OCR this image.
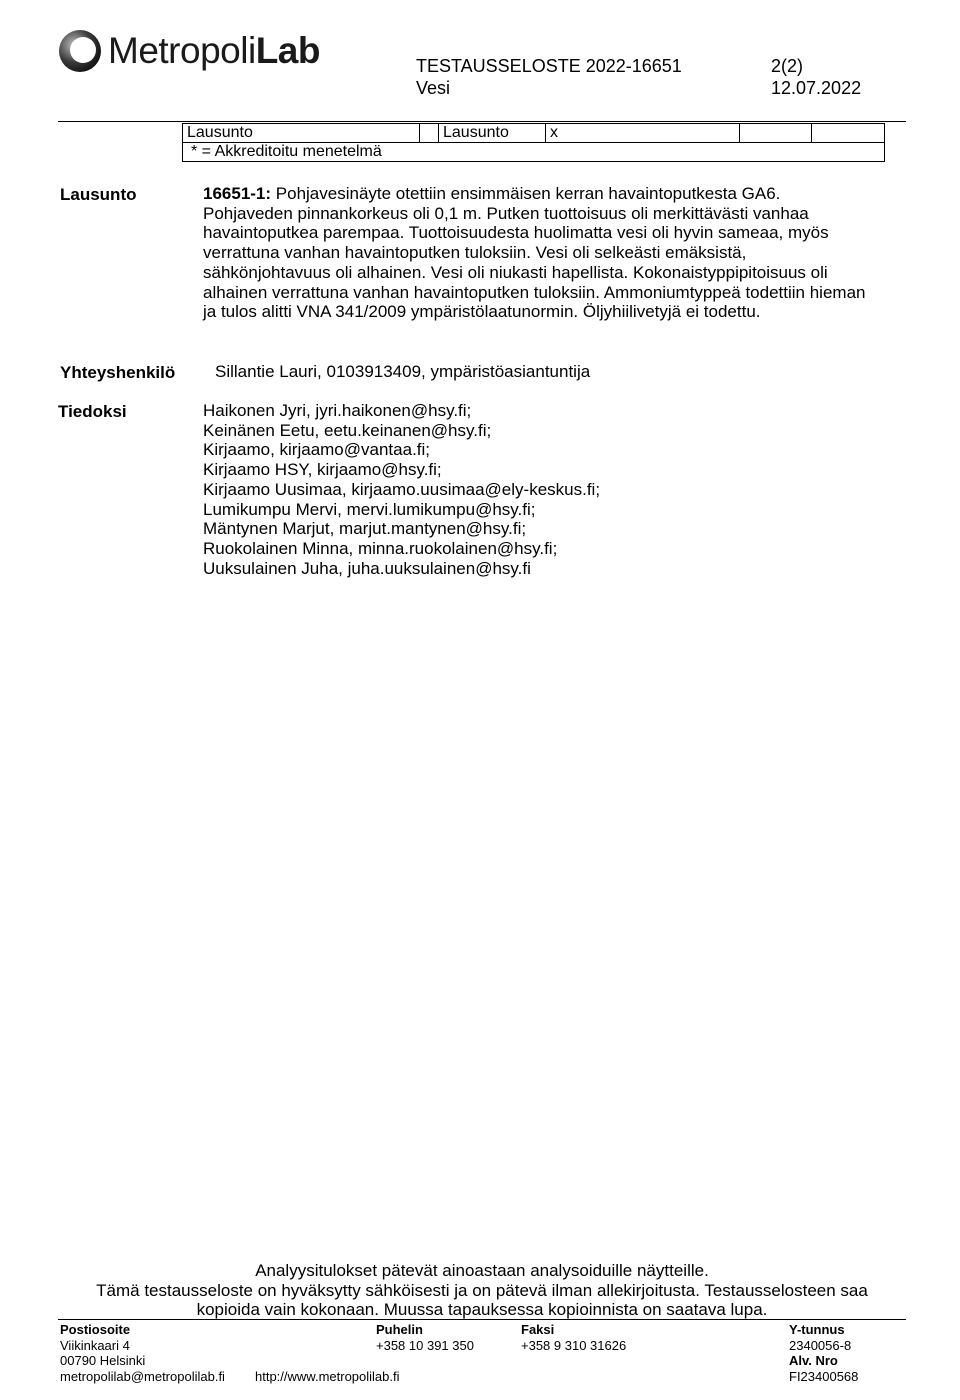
MetropoliLab	TESTAUSSELOSTE 2022-16651
Vesi
2(2)
12.07.2022
Lausunto		Lausunto	x		
* = Akkreditoitu menetelmä
Lausunto	16651-1: Pohjavesinäyte otettiin ensimmäisen kerran havaintoputkesta GA6.
Pohjaveden pinnankorkeus oli 0,1 m. Putken tuottoisuus oli merkittävästi vanhaa
havaintoputkea parempaa. Tuottoisuudesta huolimatta vesi oli hyvin sameaa, myös
verrattuna vanhan havaintoputken tuloksiin. Vesi oli selkeästi emäksistä,
sähkönjohtavuus oli alhainen. Vesi oli niukasti hapellista. Kokonaistyppipitoisuus oli
alhainen verrattuna vanhan havaintoputken tuloksiin. Ammoniumtyppeä todettiin hieman
ja tulos alitti VNA 341/2009 ympäristölaatunormin. Öljyhiilivetyjä ei todettu.
Yhteyshenkilö Sillantie Lauri, 0103913409, ympäristöasiantuntija
Tiedoksi	Haikonen Jyri, jyri.haikonen@hsy.fi;
Keinänen Eetu, eetu.keinanen@hsy.fi;
Kirjaamo, kirjaamo@vantaa.fi;
Kirjaamo HSY, kirjaamo@hsy.fi;
Kirjaamo Uusimaa, kirjaamo.uusimaa@ely-keskus.fi;
Lumikumpu Mervi, mervi.lumikumpu@hsy.fi;
Mäntynen Marjut, marjut.mantynen@hsy.fi;
Ruokolainen Minna, minna.ruokolainen@hsy.fi;
Uuksulainen Juha, juha.uuksulainen@hsy.fi
Analyysitulokset pätevät ainoastaan analysoiduille näytteille.
Tämä testausseloste on hyväksytty sähköisesti ja on pätevä ilman allekirjoitusta. Testausselosteen saa
kopioida vain kokonaan. Muussa tapauksessa kopioinnista on saatava lupa.
Postiosoite
Viikinkaari 4
00790 Helsinki
metropolilab@metropolilab.fi http://www.metropolilab.fi
Puhelin
+358 10 391 350
Faksi
+358 9 310 31626
Y-tunnus
2340056-8
Alv. Nro
FI23400568
